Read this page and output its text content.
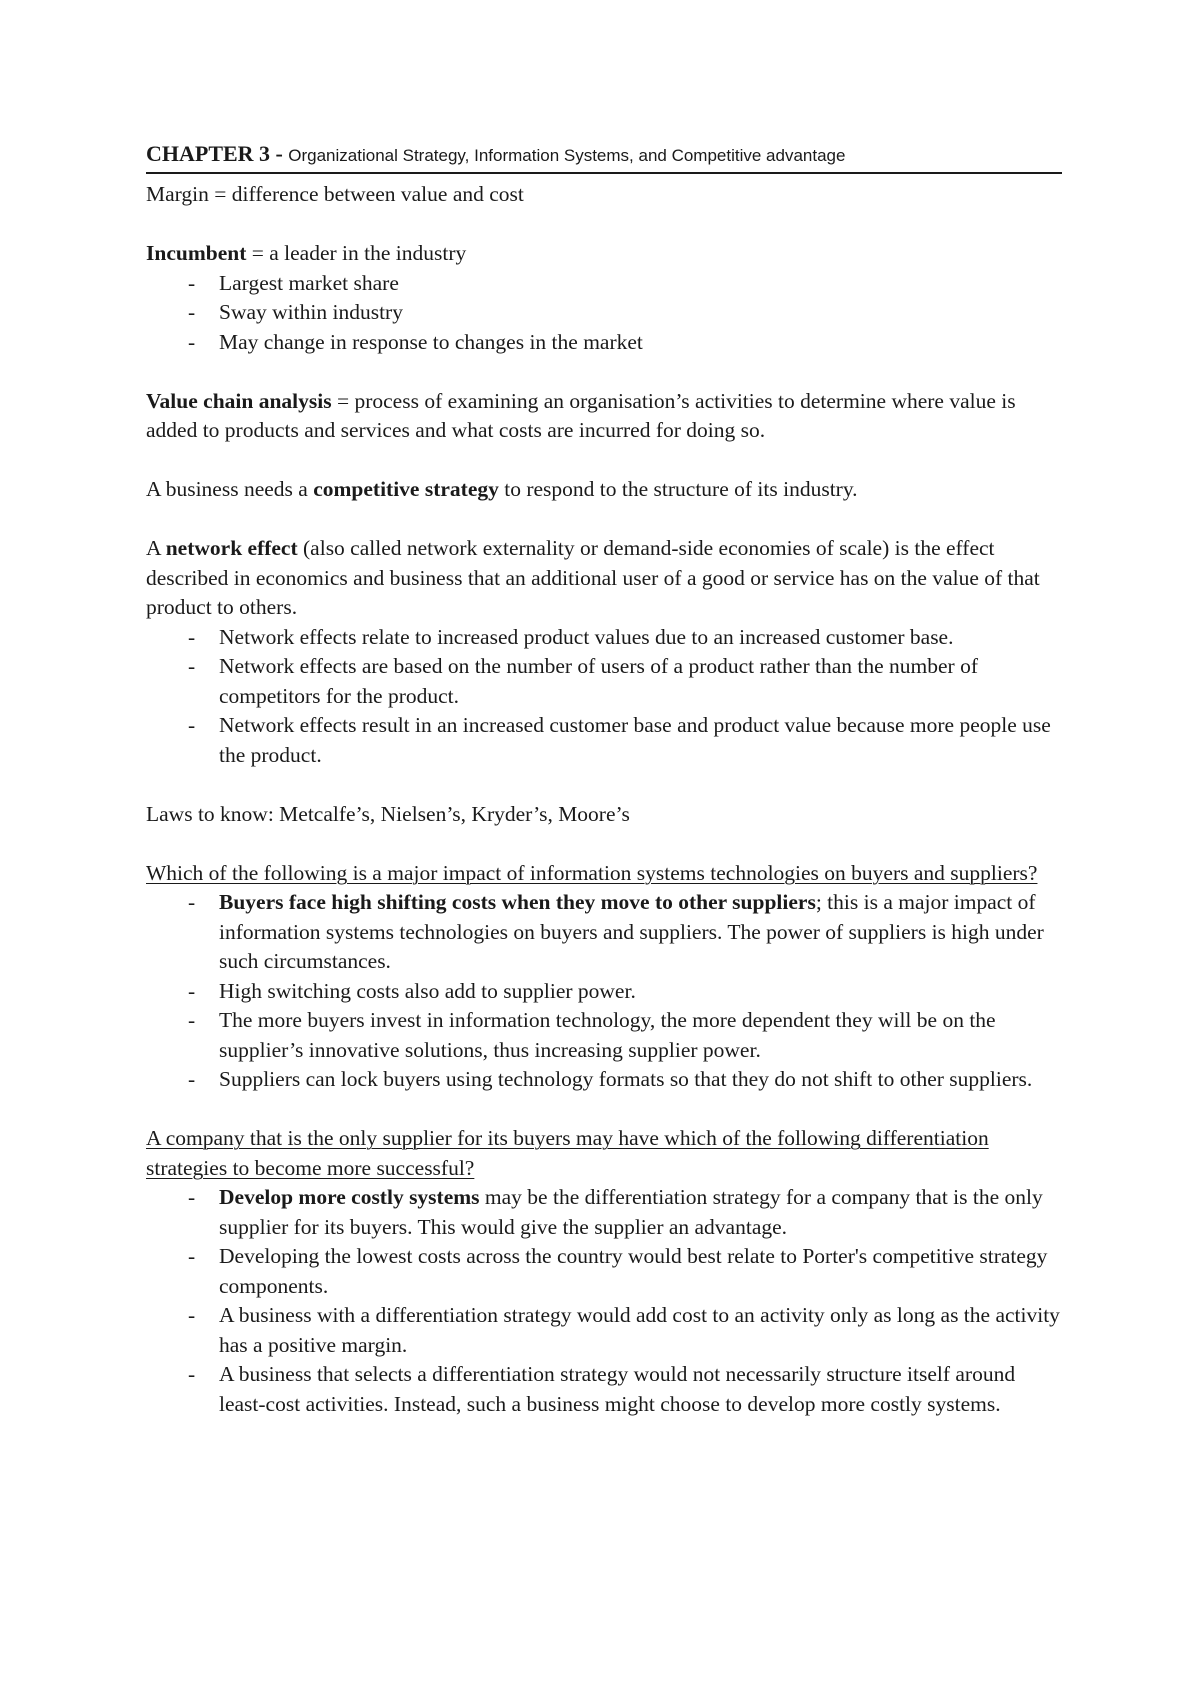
CHAPTER 3 - Organizational Strategy, Information Systems, and Competitive advantage

Margin = difference between value and cost

Incumbent = a leader in the industry

- Largest market share
- Sway within industry
- May change in response to changes in the market

Value chain analysis = process of examining an organisation’s activities to determine where value is added to products and services and what costs are incurred for doing so.

A business needs a competitive strategy to respond to the structure of its industry.

A network effect (also called network externality or demand-side economies of scale) is the effect described in economics and business that an additional user of a good or service has on the value of that product to others.

- Network effects relate to increased product values due to an increased customer base.
- Network effects are based on the number of users of a product rather than the number of competitors for the product.
- Network effects result in an increased customer base and product value because more people use the product.

Laws to know: Metcalfe’s, Nielsen’s, Kryder’s, Moore’s

Which of the following is a major impact of information systems technologies on buyers and suppliers?

- Buyers face high shifting costs when they move to other suppliers; this is a major impact of information systems technologies on buyers and suppliers. The power of suppliers is high under such circumstances.
- High switching costs also add to supplier power.
- The more buyers invest in information technology, the more dependent they will be on the supplier’s innovative solutions, thus increasing supplier power.
- Suppliers can lock buyers using technology formats so that they do not shift to other suppliers.

A company that is the only supplier for its buyers may have which of the following differentiation strategies to become more successful?

- Develop more costly systems may be the differentiation strategy for a company that is the only supplier for its buyers. This would give the supplier an advantage.
- Developing the lowest costs across the country would best relate to Porter's competitive strategy components.
- A business with a differentiation strategy would add cost to an activity only as long as the activity has a positive margin.
- A business that selects a differentiation strategy would not necessarily structure itself around least-cost activities. Instead, such a business might choose to develop more costly systems.
